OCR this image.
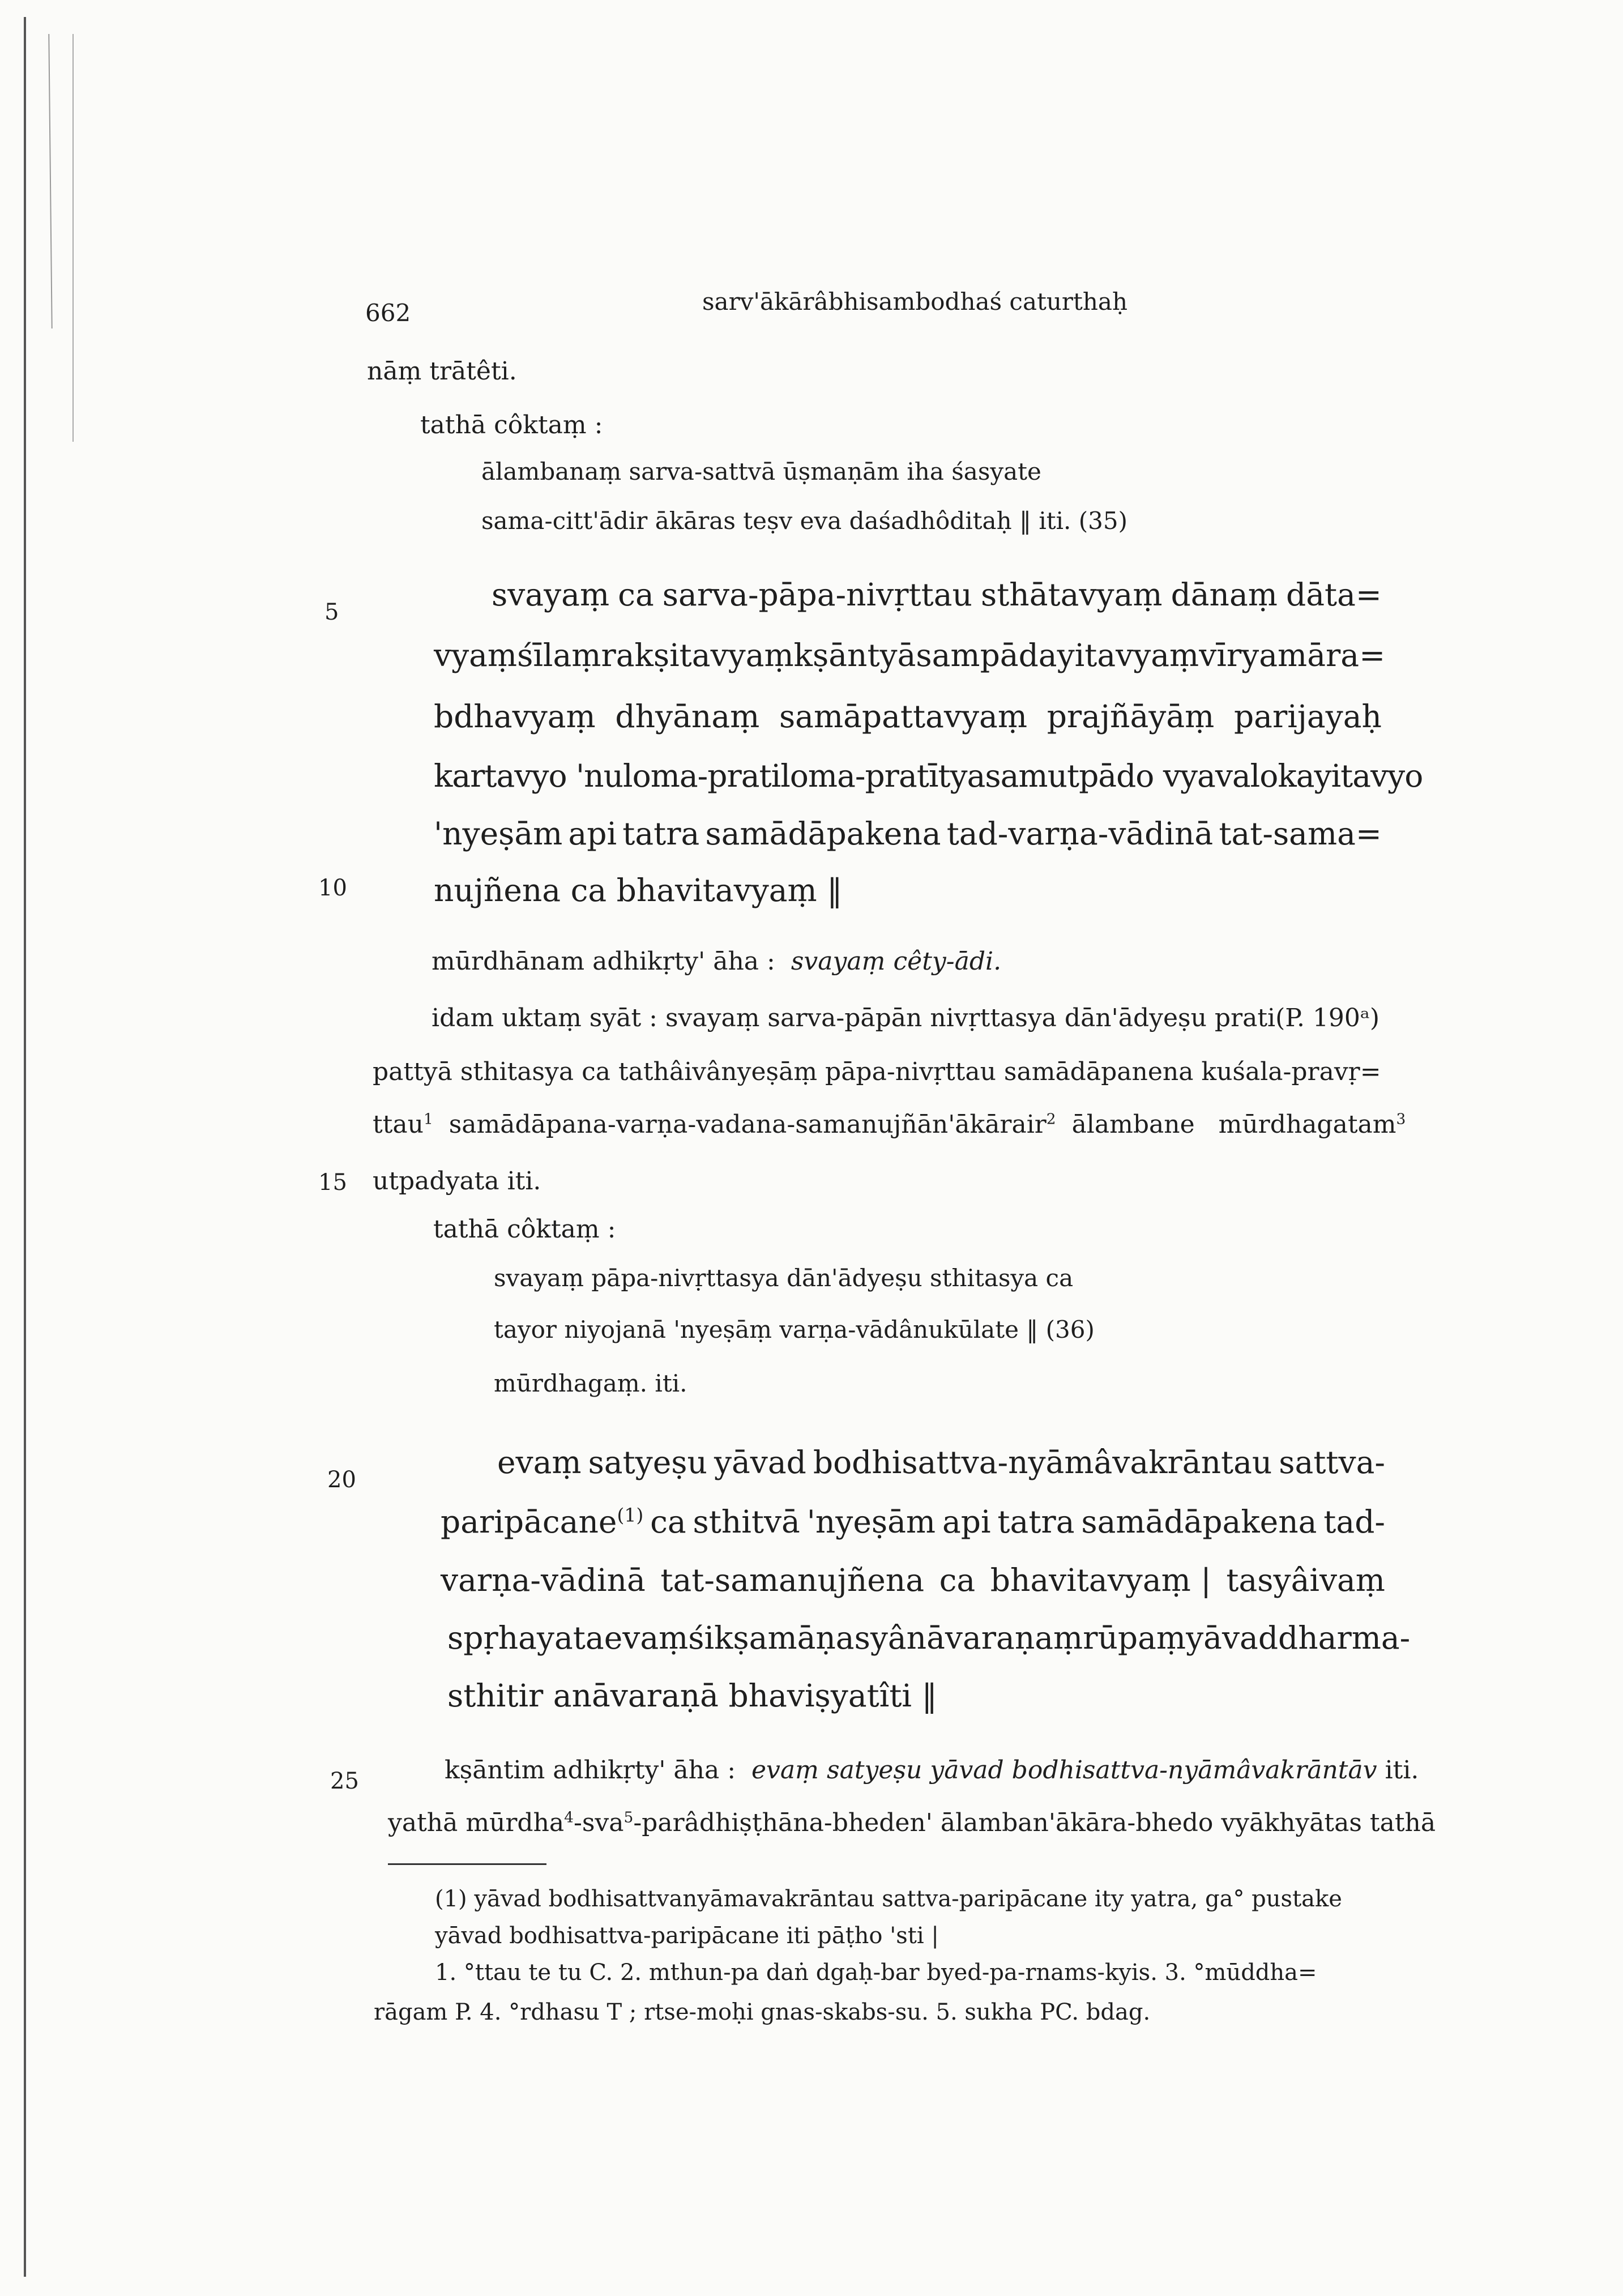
662	sarv'ākārâbhisambodhaś caturthaḥ
5
10
15
20
25
nāṃ trātêti.
tathā côktaṃ :
ālambanaṃ sarva-sattvā ūṣmaṇām iha śasyate
sama-citt'ādir ākāras teṣv eva daśadhôditaḥ ‖ iti. (35)
svayaṃ ca sarva-pāpa-nivṛttau sthātavyaṃ dānaṃ dāta=
vyaṃ śīlaṃ rakṣitavyaṃ kṣāntyā sampādayitavyaṃ vīryam āra=
bdhavyaṃ dhyānaṃ samāpattavyaṃ prajñāyāṃ parijayaḥ
kartavyo 'nuloma-pratiloma-pratītyasamutpādo vyavalokayitavyo
'nyeṣām api tatra samādāpakena tad-varṇa-vādinā tat-sama=
nujñena ca bhavitavyaṃ ‖
mūrdhānam adhikṛty' āha : svayaṃ cêty-ādi.
idam uktaṃ syāt : svayaṃ sarva-pāpān nivṛttasya dān'ādyeṣu prati(P. 190ᵃ)
pattyā sthitasya ca tathâivânyeṣāṃ pāpa-nivṛttau samādāpanena kuśala-pravṛ=
ttau$^1$ samādāpana-varṇa-vadana-samanujñān'ākārair$^2$ ālambane mūrdhagatam$^3$
utpadyata iti.
tathā côktaṃ :
svayaṃ pāpa-nivṛttasya dān'ādyeṣu sthitasya ca
tayor niyojanā 'nyeṣāṃ varṇa-vādânukūlate ‖ (36)
mūrdhagaṃ. iti.
evaṃ satyeṣu yāvad bodhisattva-nyāmâvakrāntau sattva-
paripācane$^{(1)}$ ca sthitvā 'nyeṣām api tatra samādāpakena tad-
varṇa-vādinā tat-samanujñena ca bhavitavyaṃ | tasyâivaṃ
spṛhayata evaṃ śikṣamāṇasyânāvaraṇaṃ rūpaṃ yāvad dharma-
sthitir anāvaraṇā bhaviṣyatîti ‖
kṣāntim adhikṛty' āha : evaṃ satyeṣu yāvad bodhisattva-nyāmâvakrāntāv iti.
yathā mūrdha$^4$-sva$^5$-parâdhiṣṭhāna-bheden' ālamban'ākāra-bhedo vyākhyātas tathā
(1) yāvad bodhisattvanyāmavakrāntau sattva-paripācane ity yatra, ga° pustake
yāvad bodhisattva-paripācane iti pāṭho 'sti |
1. °ttau te tu C. 2. mthun-pa daṅ dgaḥ-bar byed-pa-rnams-kyis. 3. °mūddha=
rāgam P. 4. °rdhasu T ; rtse-moḥi gnas-skabs-su. 5. sukha PC. bdag.
